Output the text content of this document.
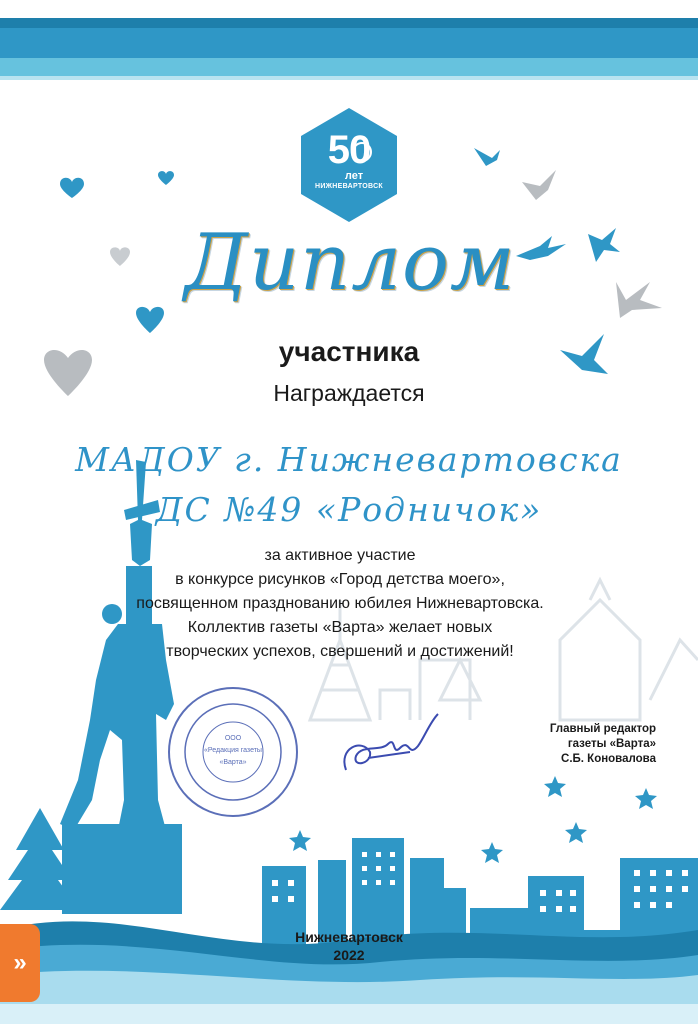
ООО
«Редакция газеты
«Варта»
50
лет
НИЖНЕВАРТОВСК
Диплом
участника
Награждается
МАДОУ г. Нижневартовска
ДС №49 «Родничок»
за активное участие
в конкурсе рисунков «Город детства моего»,
посвященном празднованию юбилея Нижневартовска.
Коллектив газеты «Варта» желает новых
творческих успехов, свершений и достижений!
Главный редактор
газеты «Варта»
С.Б. Коновалова
Нижневартовск
2022
»
